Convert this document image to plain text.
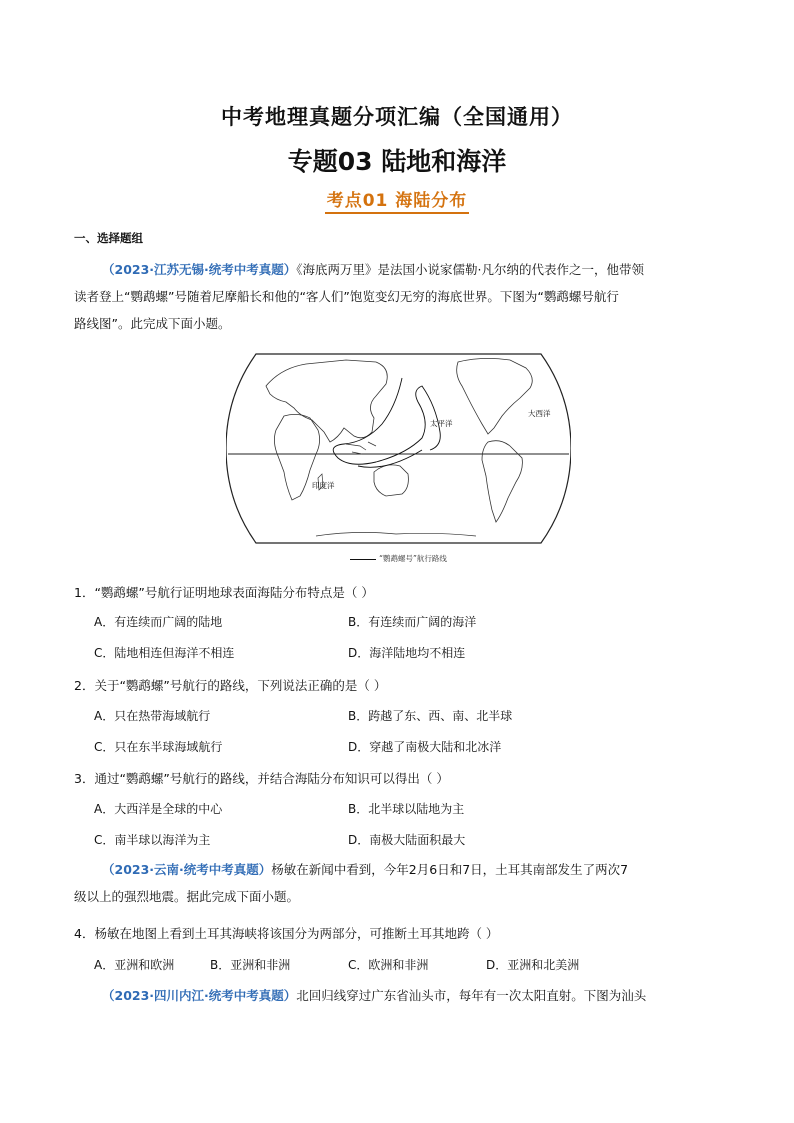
中考地理真题分项汇编（全国通用）
专题03 陆地和海洋
考点01 海陆分布
一、选择题组
（2023·江苏无锡·统考中考真题）《海底两万里》是法国小说家儒勒·凡尔纳的代表作之一，他带领
读者登上“鹦鹉螺”号随着尼摩船长和他的“客人们”饱览变幻无穷的海底世界。下图为“鹦鹉螺号航行
路线图”。此完成下面小题。
大西洋
太平洋
印度洋
“鹦鹉螺号”航行路线
1．“鹦鹉螺”号航行证明地球表面海陆分布特点是（ ）
A．有连续而广阔的陆地	B．有连续而广阔的海洋
C．陆地相连但海洋不相连	D．海洋陆地均不相连
2．关于“鹦鹉螺”号航行的路线，下列说法正确的是（ ）
A．只在热带海域航行	B．跨越了东、西、南、北半球
C．只在东半球海域航行	D．穿越了南极大陆和北冰洋
3．通过“鹦鹉螺”号航行的路线，并结合海陆分布知识可以得出（ ）
A．大西洋是全球的中心	B．北半球以陆地为主
C．南半球以海洋为主	D．南极大陆面积最大
（2023·云南·统考中考真题）杨敏在新闻中看到，今年2月6日和7日，土耳其南部发生了两次7
级以上的强烈地震。据此完成下面小题。
4．杨敏在地图上看到土耳其海峡将该国分为两部分，可推断土耳其地跨（ ）
A．亚洲和欧洲	B．亚洲和非洲	C．欧洲和非洲	D．亚洲和北美洲
（2023·四川内江·统考中考真题）北回归线穿过广东省汕头市，每年有一次太阳直射。下图为汕头
